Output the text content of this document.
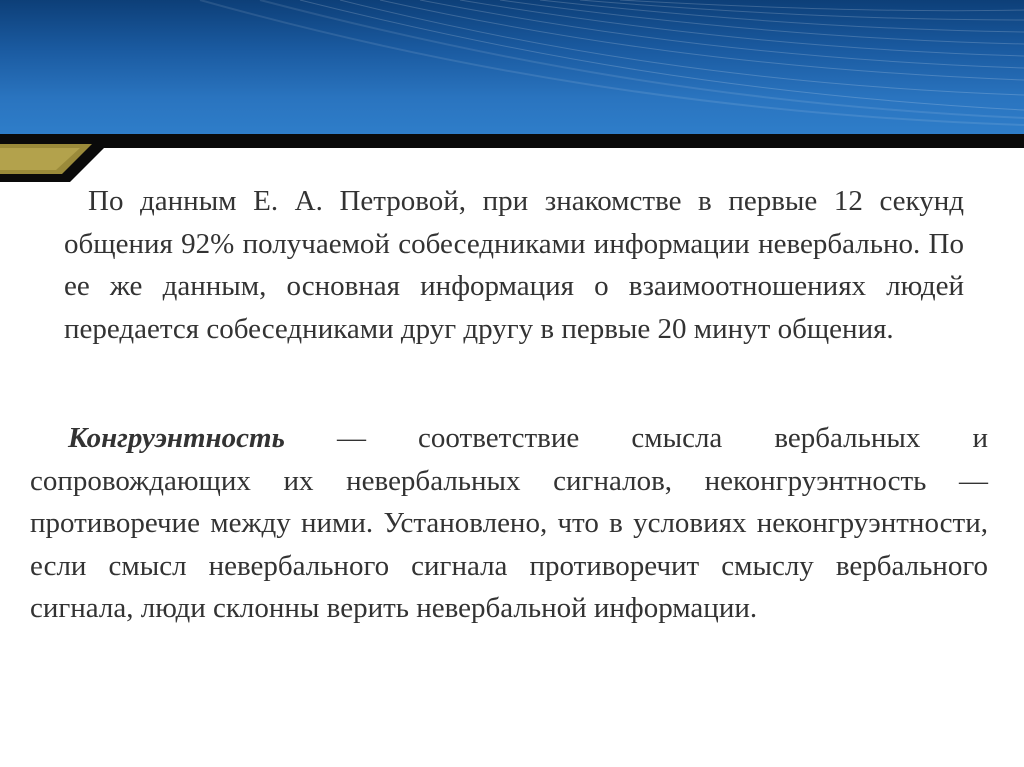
По данным Е. А. Петровой, при знакомстве в первые 12 секунд общения 92% получаемой собеседниками информации невербально. По ее же данным, основная информация о взаимоотношениях людей передается собеседниками друг другу в первые 20 минут общения.

Конгруэнтность — соответствие смысла вербальных и сопровождающих их невербальных сигналов, неконгруэнтность — противоречие между ними. Установлено, что в условиях неконгруэнтности, если смысл невербального сигнала противоречит смыслу вербального сигнала, люди склонны верить невербальной информации.
